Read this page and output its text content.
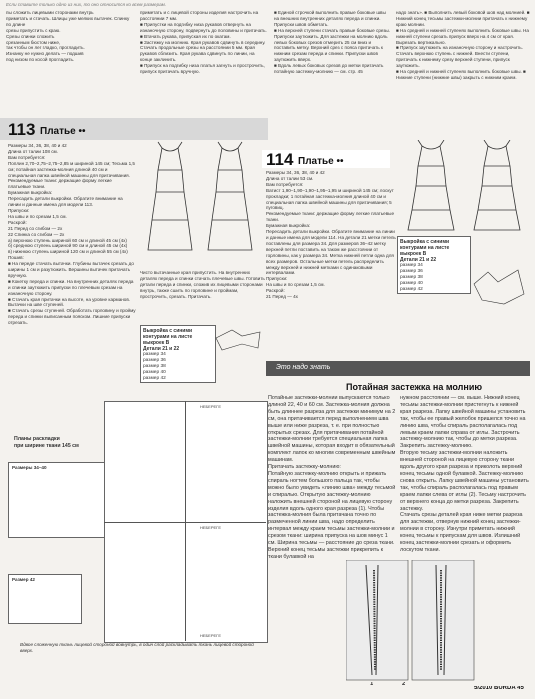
Если ставите только одно из них, то оно относится ко всем размерам.
пы сложить лицевыми сторонами внутрь
приметать и стачать. Шлицы уже мелких вытачек. Спинку по длине
срезы припустить с краю.
Срезы спинки сложить
срезанным бюстом ниже,
так чтобы он лег гладко, прогладить.
Изнанку не нужно делать — подшив
под низом по косой прогладить.
приметать и с лицевой стороны изделия настрочить на расстоянии 7 мм.
■ Припустки на подгибку низа рукавов отвернуть на изнаночную сторону, подвернуть до половины и притачать.
■ Втачать рукава, припуская их по окатам.
■ Застежку на молнию. Края рукавов сдвинуть в середину. Стачать продольные срезы на расстоянии 5 мм. Края рукавов сблизить. Края рукава сдвинуть по линии, на конце заклинить.
■ Припуск на подгибку низа платья загнуть и прострочить, припуск притачать вручную.
■ Единой строчкой выполнить правые боковые швы на внешних внутренних деталях переда и спинки. Припуски швов обметать.
■ На верхней ступени стачать правые боковые срезы. Припуски заутюжить. Для застежки на молнию вдоль левых боковых срезов отмерить 25 см вниз и поставить метку. Верхний срез с пояса притачать к нижним срезам переда и спинки. Припуски швов заутюжить вверх.
■ Вдоль левых боковых срезов до метки притачать потайную застежку-молнию — см. стр. 45
надо знать». ■ Выполнить левый боковой шов над молнией. ■ Нижний конец тесьмы застежки-молнии притачать к нижнему краю молнии.
■ На средней и нижней ступенях выполнить боковые швы. На нижней ступени срезать припуск вверх на 4 см от края. Вырезать вертикально.
■ Припуск заутюжить на изнаночную сторону и настрочить. Стачать верхнюю ступень с нижней. Внести ступени, притачать к нижнему срезу верхней ступени, припуск заутюжить.
■ На средней и нижней ступенях выполнить боковые швы. ■ Нижние ступени (нижние швы) закрыть с нижним краем.
113 Платье ••
114 Платье ••
Размеры 34, 36, 38, 40 и 42
Длина от талии 108 см.
Вам потребуется:
Поплин 2,70–2,75–2,75–2,85 м шириной 145 см; Тесьма 1,5 см; потайная застежка-молния длиной 40 см и специальная лапка швейной машины для притачивания.
Рекомендуемые ткани: держащие форму легкие платьевые ткани.
Бумажная выкройка:
Пересадить детали выкройки. Обратите внимание на линии и данные имена для модели 113.
Припуски:
На швы и по срезам 1,5 см.
Раскрой:
21 Перед со сгибом — 2x
22 Спинка со сгибом — 2x
а) верхнюю ступень шириной 60 см и длиной 45 см (4x)
б) среднюю ступень шириной 90 см и длиной 45 см (4x)
в) нижнюю ступень шириной 120 см и длиной 55 см (4x)
Пошив:
■ На переде стачать вытачки. Глубины вытачек срезать до ширины 1 см и разутюжить. Вершины вытачек притачать вручную.
■ Кокетку переда и спинки. На внутренних деталях переда и спинки заутюжить припуски по плечевым срезам на изнаночную сторону.
■ Стачать края притачки на высоте, на уровне карманов. Вытачки на шве ступеней.
■ Стачать срезы ступеней. Обработать горловину и пройму переда и спинки выписанным пояском. Лишние припуски отрезать.
Чисто вытачанные края припустить. На внутренних деталях переда и спинки стачать плечевые швы. Готовить детали переда и спинки, сложив их лицевыми сторонами внутрь, также сшить по горловине и проймам, прострочить, срезать. Притачать.
Выкройка с синими контурами на листе выкроек В
Детали 21 и 22
размер 34
размер 36
размер 38
размер 40
размер 42
Планы раскладки
при ширине ткани 145 см
Размеры 34–40
Размер 42
НЕБЕРЕГЕ
НЕБЕРЕГЕ
НЕБЕРЕГЕ
Вдвое сложенную ткань лицевой стороной вовнутрь, в один слой раскладывать ткань лицевой стороной вверх.
Размеры 34, 36, 38, 40 и 42
Длина от талии 53 см.
Вам потребуется:
Ватист 1,90–1,90–1,90–1,95–1,95 м шириной 145 см; лоскут прокладки; 1 потайная застежка-молния длиной 40 см и специальная лапка швейной машины для притачивания; 5 пуговиц.
Рекомендуемые ткани: держащие форму легкие платьевые ткани.
Бумажная выкройка:
Пересадить детали выкройки. Обратите внимание на линии и данные имена для модели 114. На детали 21 метки петель поставлены для размера 34. Для размеров 36–42 метку верхней петли поставить на таком же расстоянии от горловины, как у размера 34. Метка нижней петли одна для всех размеров. Остальные метки петель распределить между верхней и нижней метками с одинаковыми интервалами.
Припуски:
На швы и по срезам 1,5 см.
Раскрой:
21 Перед — 4x
Выкройка с синими контурами на листе выкроек В
Детали 21 и 22
размер 34
размер 36
размер 38
размер 40
размер 42
Это надо знать
Потайная застежка на молнию
Потайные застежки-молнии выпускаются только длиной 22, 40 и 60 см. Застежка-молния должна быть длиннее разреза для застежки минимум на 2 см, она притачивается перед выполнением шва выше или ниже разреза, т. е. при полностью открытых срезах. Для притачивания потайной застежки-молнии требуется специальная лапка швейной машины, которая входит в обязательный комплект лапок ко многим современным швейным машинам.
Притачать застежку-молнию:
Потайную застежку-молнию открыть и прижать спираль ногтем большого пальца так, чтобы можно было увидеть «линию шва» между тесьмой и спиралью. Открытую застежку-молнию наложить внешней стороной на лицевую сторону изделия вдоль одного края разреза (1). Чтобы застежка-молния была притачана точно по размеченной линии шва, надо определить интервал между краем тесьмы застежки-молнии и срезом ткани: ширина припуска на шов минус 1 см. Ширина тесьмы — расстояние до среза ткани. Верхний конец тесьмы застежки прикрепить к ткани булавкой на
нужном расстоянии — см. выше. Нижний конец тесьмы застежки-молнии пристегнуть к нижней края разреза. Лапку швейной машины установить так, чтобы ее правый желобок пришелся точно на линию шва, чтобы спираль располагалась под левым краем лапки справа от иглы. Застрочить застежку-молнию так, чтобы до метки разреза. Закрепить застежку-молнию.
Вторую тесьму застежки-молнии наложить внешней стороной на лицевую сторону ткани вдоль другого края разреза и приколоть верхний конец тесьмы одной булавкой. Застежку-молнию снова открыть. Лапку швейной машины установить так, чтобы спираль располагалась под правым краем лапки слева от иглы (2). Тесьму настрочить от верхнего конца до метки разреза. Закрепить застежку.
Стачать срезы деталей края ниже метки разреза для застежки, отвернув нижний конец застежки-молнии в сторону. Изнутри приметать нижний конец тесьмы к припускам для швов. Излишний конец застежки-молнии срезать и оформить лоскутом ткани.
1	2
5/2010 BURDA 45
